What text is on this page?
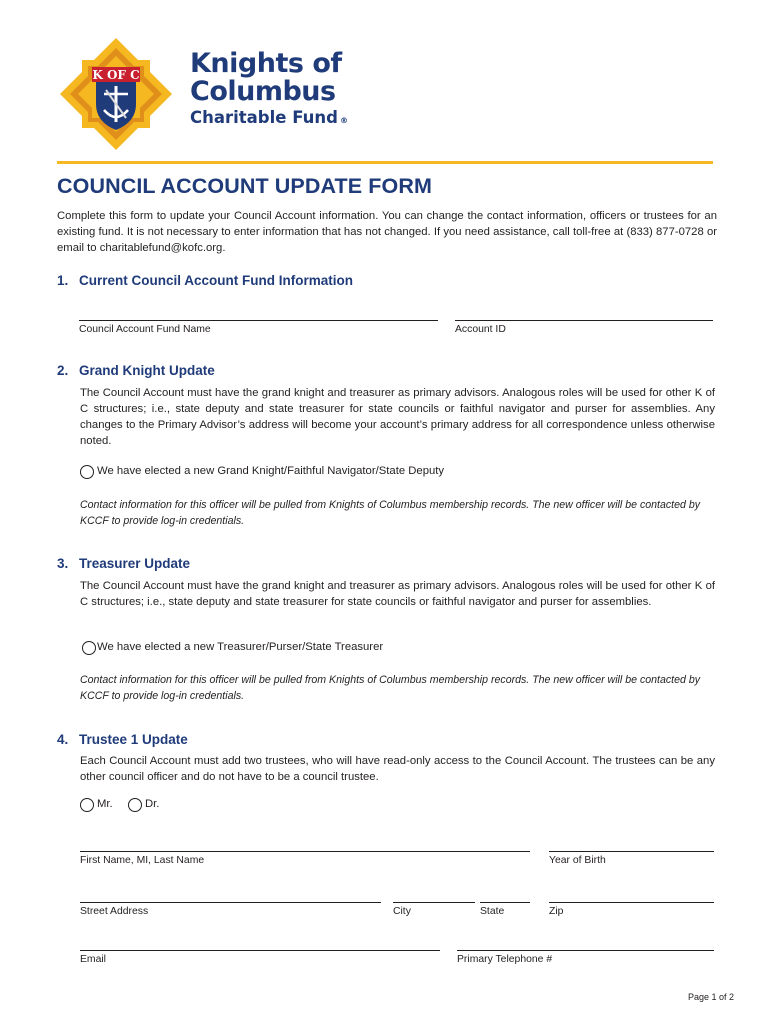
K OF C Knights of
Columbus
Charitable Fund ®
COUNCIL ACCOUNT UPDATE FORM
Complete this form to update your Council Account information. You can change the contact information, officers or trustees for an existing fund. It is not necessary to enter information that has not changed. If you need assistance, call toll-free at (833) 877-0728 or email to charitablefund@kofc.org.
1. Current Council Account Fund Information
Council Account Fund Name	Account ID
2. Grand Knight Update
The Council Account must have the grand knight and treasurer as primary advisors. Analogous roles will be used for other K of C structures; i.e., state deputy and state treasurer for state councils or faithful navigator and purser for assemblies. Any changes to the Primary Advisor’s address will become your account’s primary address for all correspondence unless otherwise noted.
We have elected a new Grand Knight/Faithful Navigator/State Deputy
Contact information for this officer will be pulled from Knights of Columbus membership records. The new officer will be contacted by KCCF to provide log-in credentials.
3. Treasurer Update
The Council Account must have the grand knight and treasurer as primary advisors. Analogous roles will be used for other K of C structures; i.e., state deputy and state treasurer for state councils or faithful navigator and purser for assemblies.
We have elected a new Treasurer/Purser/State Treasurer
Contact information for this officer will be pulled from Knights of Columbus membership records. The new officer will be contacted by KCCF to provide log-in credentials.
4. Trustee 1 Update
Each Council Account must add two trustees, who will have read-only access to the Council Account. The trustees can be any other council officer and do not have to be a council trustee.
Mr.	Dr.
First Name, MI, Last Name	Year of Birth
Street Address	City	State	Zip
Email	Primary Telephone #
Page 1 of 2
